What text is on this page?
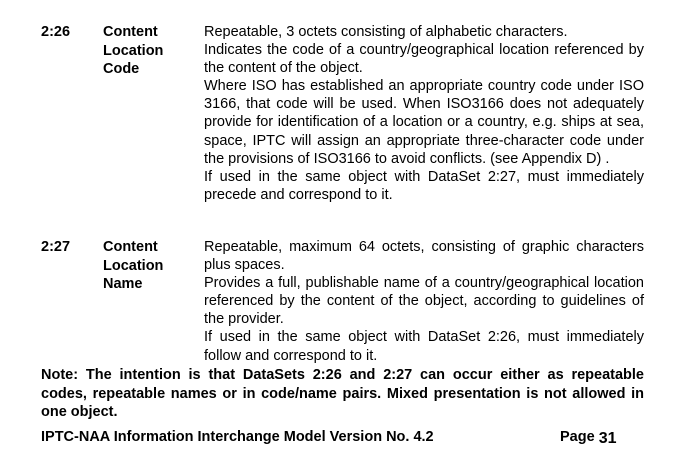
2:26 Content
Location
Code

Repeatable, 3 octets consisting of alphabetic characters.

Indicates the code of a country/geographical location referenced by the content of the object.

Where ISO has established an appropriate country code under ISO 3166, that code will be used. When ISO3166 does not adequately provide for identification of a location or a country, e.g. ships at sea, space, IPTC will assign an appropriate three-character code under the provisions of ISO3166 to avoid conflicts. (see Appendix D) .

If used in the same object with DataSet 2:27, must immediately precede and correspond to it.

2:27 Content
Location
Name

Repeatable, maximum 64 octets, consisting of graphic characters plus spaces.

Provides a full, publishable name of a country/geographical location referenced by the content of the object, according to guidelines of the provider.

If used in the same object with DataSet 2:26, must immediately follow and correspond to it.

Note: The intention is that DataSets 2:26 and 2:27 can occur either as repeatable codes, repeatable names or in code/name pairs. Mixed presentation is not allowed in one object.

IPTC-NAA Information Interchange Model Version No. 4.2	Page 31
